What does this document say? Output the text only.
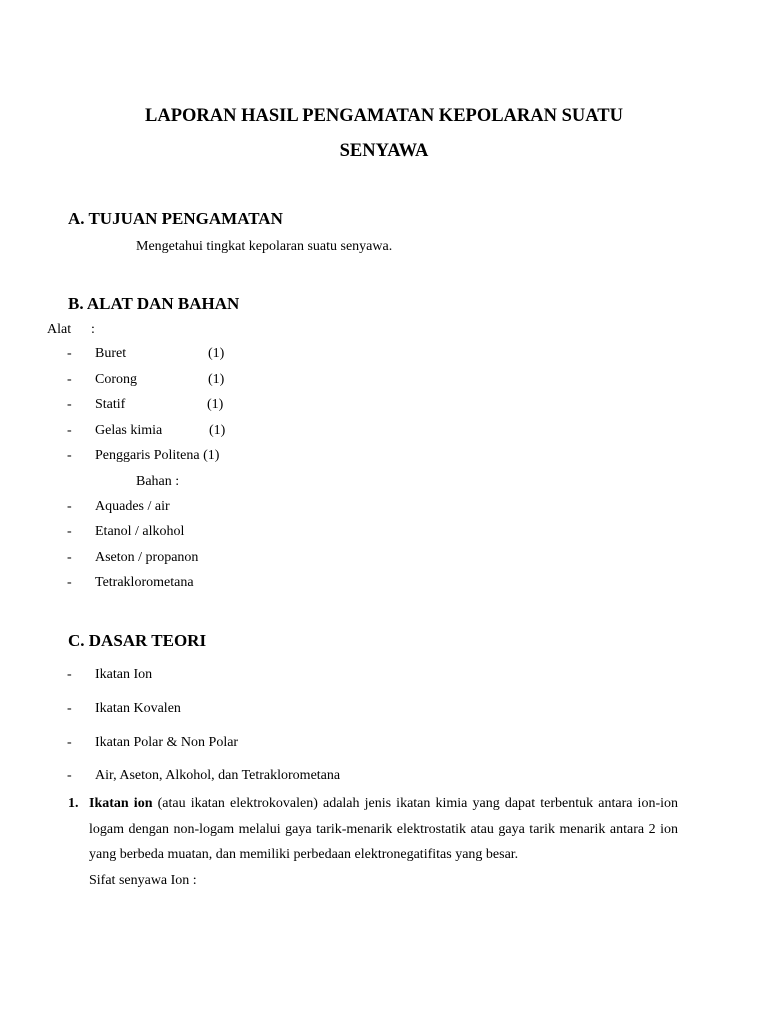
LAPORAN HASIL PENGAMATAN KEPOLARAN SUATU
SENYAWA
A. TUJUAN PENGAMATAN
Mengetahui tingkat kepolaran suatu senyawa.
B. ALAT DAN BAHAN
Alat :
- Buret	(1)
- Corong	(1)
- Statif	(1)
- Gelas kimia	(1)
- Penggaris Politena (1)
Bahan :
- Aquades / air
- Etanol / alkohol
- Aseton / propanon
- Tetraklorometana
C. DASAR TEORI
- Ikatan Ion
- Ikatan Kovalen
- Ikatan Polar & Non Polar
- Air, Aseton, Alkohol, dan Tetraklorometana
1. Ikatan ion (atau ikatan elektrokovalen) adalah jenis ikatan kimia yang dapat terbentuk antara ion-ion logam dengan non-logam melalui gaya tarik-menarik elektrostatik atau gaya tarik menarik antara 2 ion yang berbeda muatan, dan memiliki perbedaan elektronegatifitas yang besar.
Sifat senyawa Ion :
